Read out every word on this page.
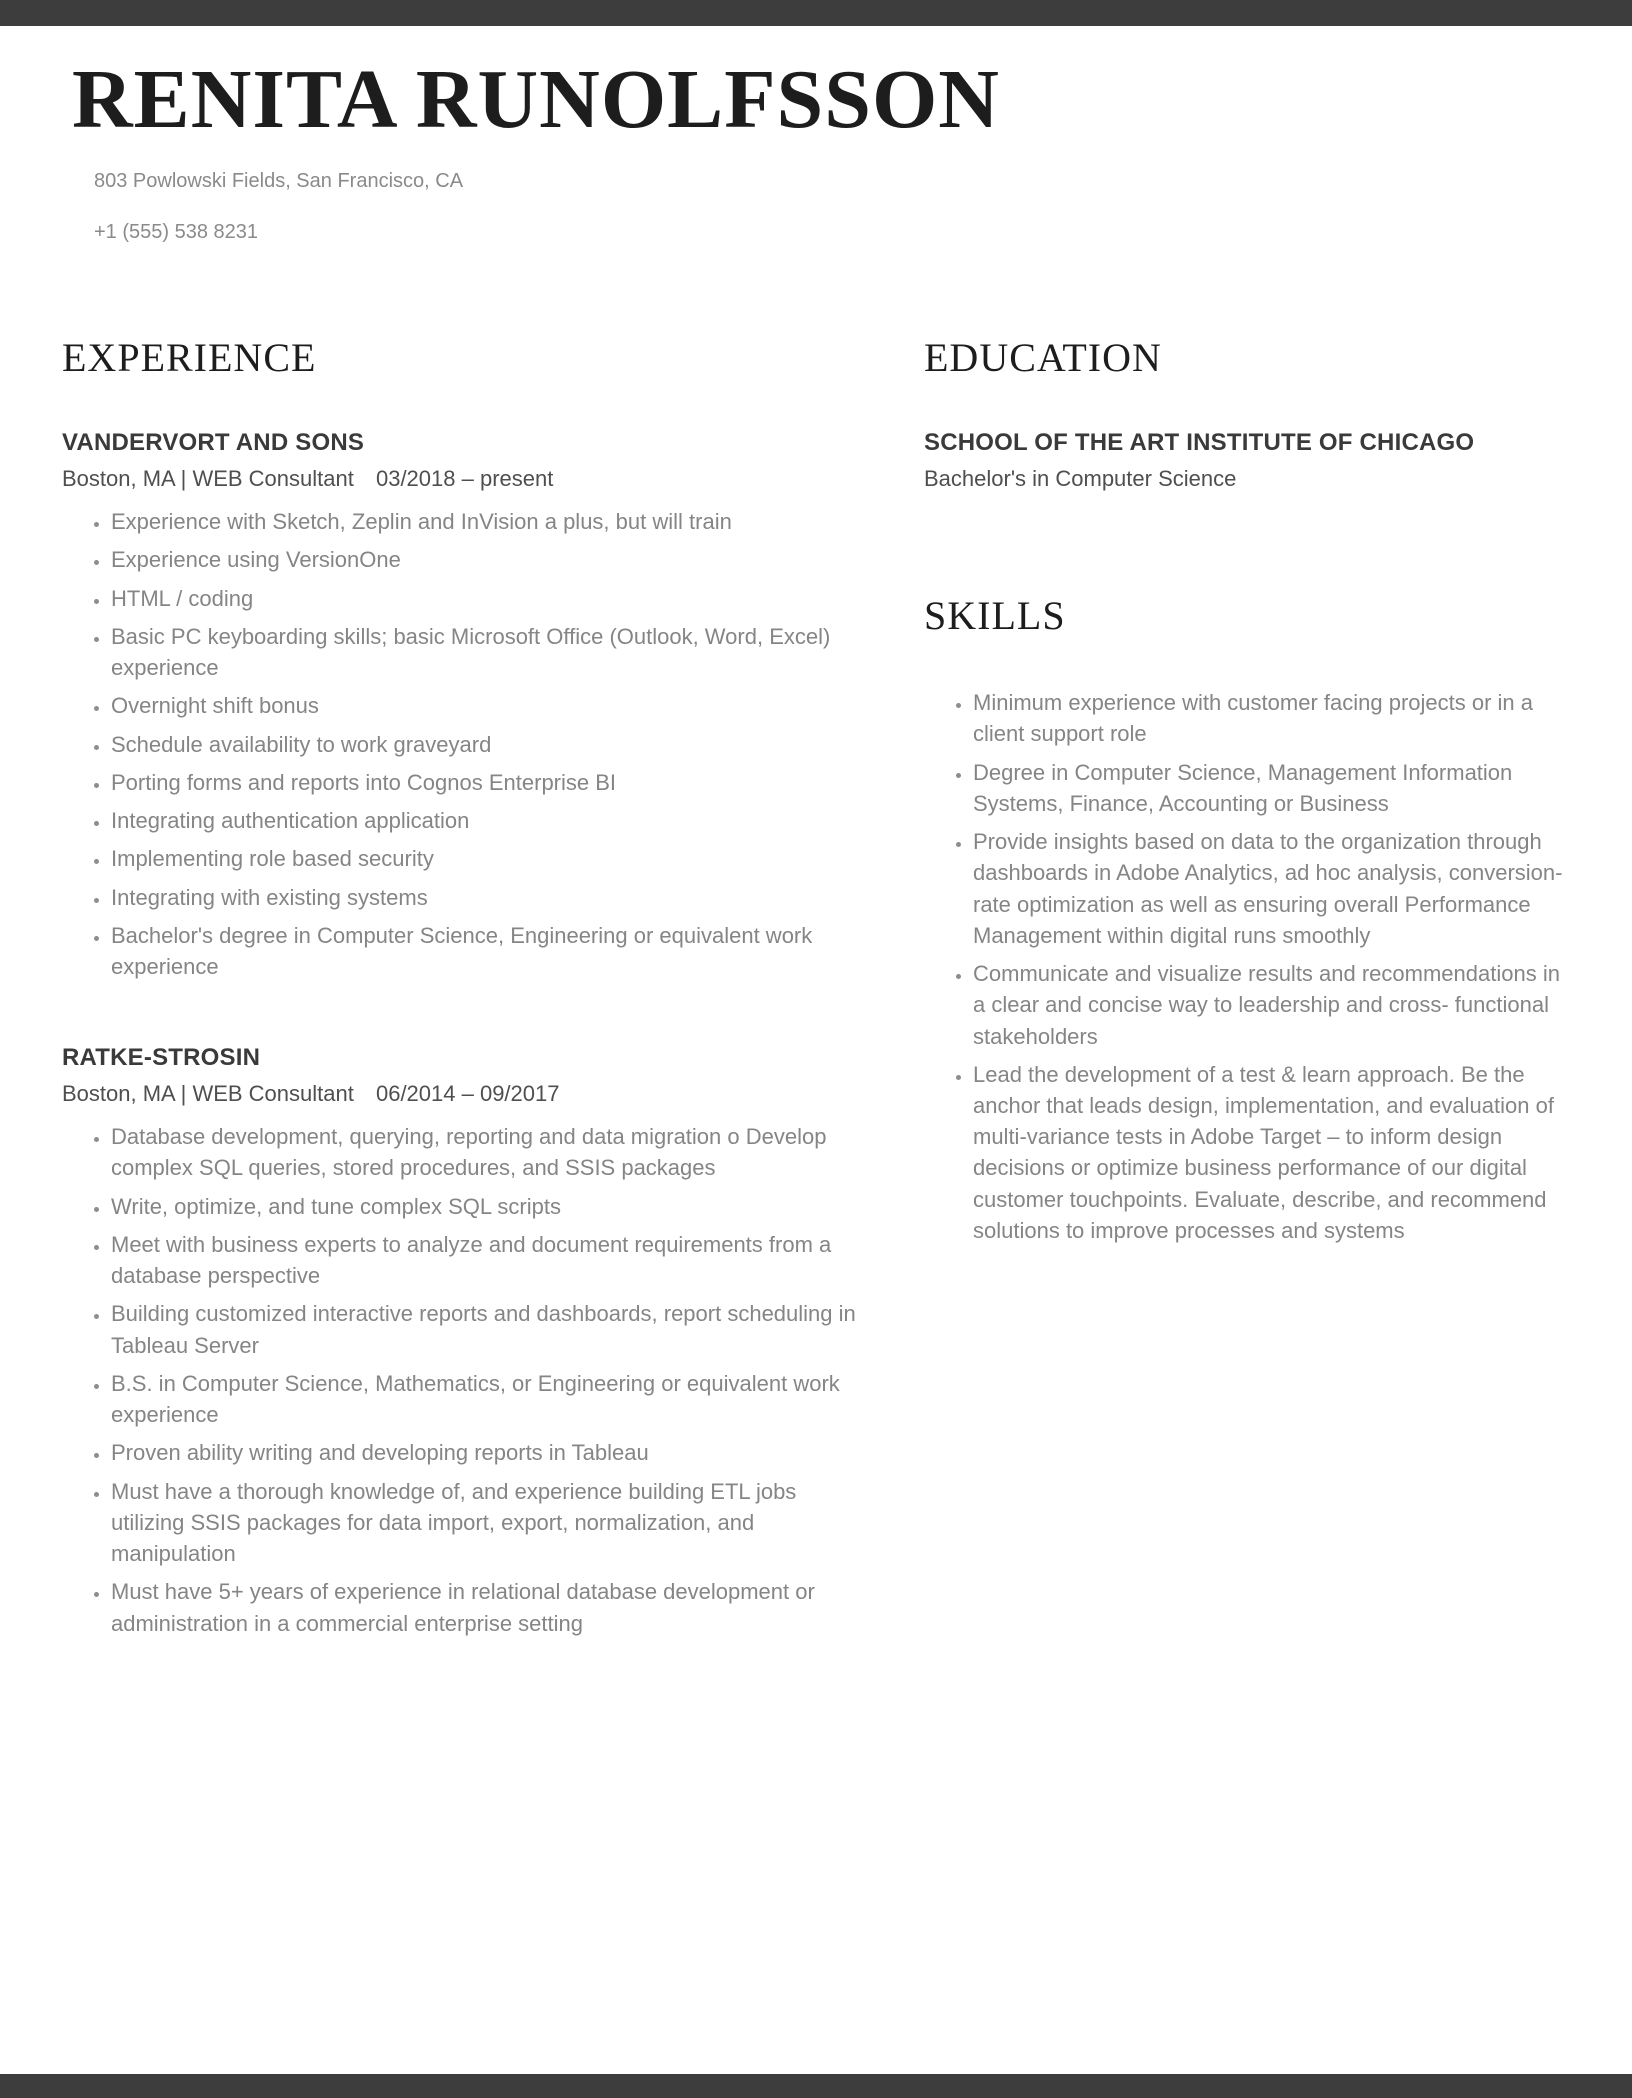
RENITA RUNOLFSSON
803 Powlowski Fields, San Francisco, CA
+1 (555) 538 8231
EXPERIENCE
VANDERVORT AND SONS
Boston, MA | WEB Consultant 03/2018 – present
• Experience with Sketch, Zeplin and InVision a plus, but will train
• Experience using VersionOne
• HTML / coding
• Basic PC keyboarding skills; basic Microsoft Office (Outlook, Word, Excel) experience
• Overnight shift bonus
• Schedule availability to work graveyard
• Porting forms and reports into Cognos Enterprise BI
• Integrating authentication application
• Implementing role based security
• Integrating with existing systems
• Bachelor's degree in Computer Science, Engineering or equivalent work experience
RATKE-STROSIN
Boston, MA | WEB Consultant 06/2014 – 09/2017
• Database development, querying, reporting and data migration o Develop complex SQL queries, stored procedures, and SSIS packages
• Write, optimize, and tune complex SQL scripts
• Meet with business experts to analyze and document requirements from a database perspective
• Building customized interactive reports and dashboards, report scheduling in Tableau Server
• B.S. in Computer Science, Mathematics, or Engineering or equivalent work experience
• Proven ability writing and developing reports in Tableau
• Must have a thorough knowledge of, and experience building ETL jobs utilizing SSIS packages for data import, export, normalization, and manipulation
• Must have 5+ years of experience in relational database development or administration in a commercial enterprise setting
EDUCATION
SCHOOL OF THE ART INSTITUTE OF CHICAGO
Bachelor's in Computer Science
SKILLS
• Minimum experience with customer facing projects or in a client support role
• Degree in Computer Science, Management Information Systems, Finance, Accounting or Business
• Provide insights based on data to the organization through dashboards in Adobe Analytics, ad hoc analysis, conversion-rate optimization as well as ensuring overall Performance Management within digital runs smoothly
• Communicate and visualize results and recommendations in a clear and concise way to leadership and cross- functional stakeholders
• Lead the development of a test & learn approach. Be the anchor that leads design, implementation, and evaluation of multi-variance tests in Adobe Target – to inform design decisions or optimize business performance of our digital customer touchpoints. Evaluate, describe, and recommend solutions to improve processes and systems
